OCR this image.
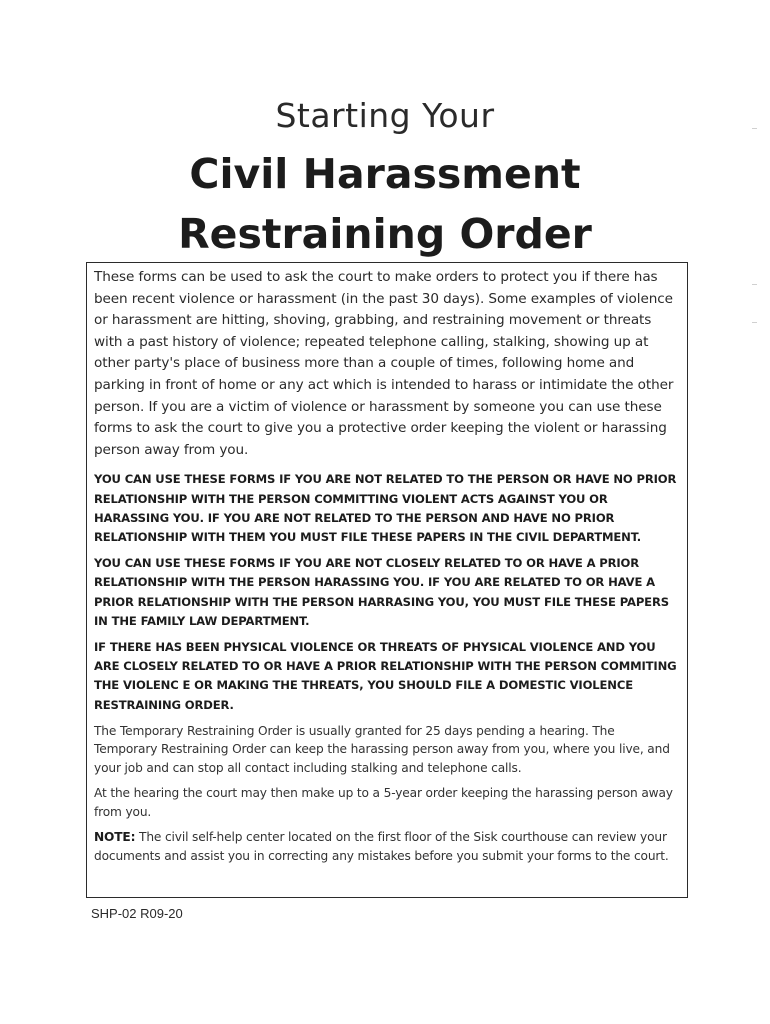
Starting Your
Civil Harassment
Restraining Order

These forms can be used to ask the court to make orders to protect you if there has been recent violence or harassment (in the past 30 days). Some examples of violence or harassment are hitting, shoving, grabbing, and restraining movement or threats with a past history of violence; repeated telephone calling, stalking, showing up at other party's place of business more than a couple of times, following home and parking in front of home or any act which is intended to harass or intimidate the other person. If you are a victim of violence or harassment by someone you can use these forms to ask the court to give you a protective order keeping the violent or harassing person away from you.

YOU CAN USE THESE FORMS IF YOU ARE NOT RELATED TO THE PERSON OR HAVE NO PRIOR RELATIONSHIP WITH THE PERSON COMMITTING VIOLENT ACTS AGAINST YOU OR HARASSING YOU. IF YOU ARE NOT RELATED TO THE PERSON AND HAVE NO PRIOR RELATIONSHIP WITH THEM YOU MUST FILE THESE PAPERS IN THE CIVIL DEPARTMENT.

YOU CAN USE THESE FORMS IF YOU ARE NOT CLOSELY RELATED TO OR HAVE A PRIOR RELATIONSHIP WITH THE PERSON HARASSING YOU. IF YOU ARE RELATED TO OR HAVE A PRIOR RELATIONSHIP WITH THE PERSON HARRASING YOU, YOU MUST FILE THESE PAPERS IN THE FAMILY LAW DEPARTMENT.

IF THERE HAS BEEN PHYSICAL VIOLENCE OR THREATS OF PHYSICAL VIOLENCE AND YOU ARE CLOSELY RELATED TO OR HAVE A PRIOR RELATIONSHIP WITH THE PERSON COMMITING THE VIOLENC E OR MAKING THE THREATS, YOU SHOULD FILE A DOMESTIC VIOLENCE RESTRAINING ORDER.

The Temporary Restraining Order is usually granted for 25 days pending a hearing. The Temporary Restraining Order can keep the harassing person away from you, where you live, and your job and can stop all contact including stalking and telephone calls.

At the hearing the court may then make up to a 5-year order keeping the harassing person away from you.

NOTE: The civil self-help center located on the first floor of the Sisk courthouse can review your documents and assist you in correcting any mistakes before you submit your forms to the court.

SHP-02 R09-20
